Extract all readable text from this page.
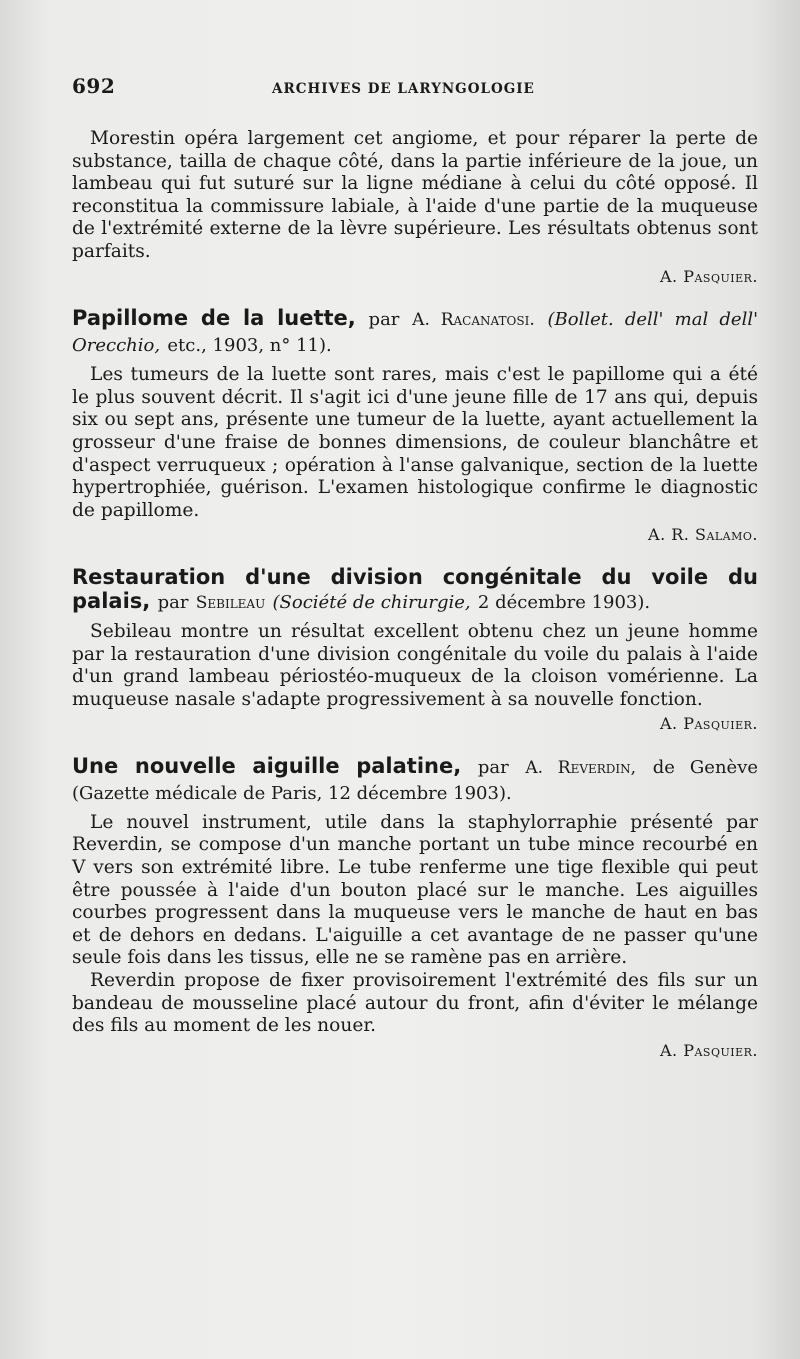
692	ARCHIVES DE LARYNGOLOGIE

Morestin opéra largement cet angiome, et pour réparer la perte de substance, tailla de chaque côté, dans la partie inférieure de la joue, un lambeau qui fut suturé sur la ligne médiane à celui du côté opposé. Il reconstitua la commissure labiale, à l'aide d'une partie de la muqueuse de l'extrémité externe de la lèvre supérieure. Les résultats obtenus sont parfaits.

A. Pasquier.
Papillome de la luette, par A. Racanatosi. (Bollet. dell' mal dell' Orecchio, etc., 1903, n° 11).

Les tumeurs de la luette sont rares, mais c'est le papillome qui a été le plus souvent décrit. Il s'agit ici d'une jeune fille de 17 ans qui, depuis six ou sept ans, présente une tumeur de la luette, ayant actuellement la grosseur d'une fraise de bonnes dimensions, de couleur blanchâtre et d'aspect verruqueux ; opération à l'anse galvanique, section de la luette hypertrophiée, guérison. L'examen histologique confirme le diagnostic de papillome.

A. R. Salamo.
Restauration d'une division congénitale du voile du palais, par Sebileau (Société de chirurgie, 2 décembre 1903).

Sebileau montre un résultat excellent obtenu chez un jeune homme par la restauration d'une division congénitale du voile du palais à l'aide d'un grand lambeau périostéo-muqueux de la cloison vomérienne. La muqueuse nasale s'adapte progressivement à sa nouvelle fonction.

A. Pasquier.
Une nouvelle aiguille palatine, par A. Reverdin, de Genève (Gazette médicale de Paris, 12 décembre 1903).

Le nouvel instrument, utile dans la staphylorraphie présenté par Reverdin, se compose d'un manche portant un tube mince recourbé en V vers son extrémité libre. Le tube renferme une tige flexible qui peut être poussée à l'aide d'un bouton placé sur le manche. Les aiguilles courbes progressent dans la muqueuse vers le manche de haut en bas et de dehors en dedans. L'aiguille a cet avantage de ne passer qu'une seule fois dans les tissus, elle ne se ramène pas en arrière.

Reverdin propose de fixer provisoirement l'extrémité des fils sur un bandeau de mousseline placé autour du front, afin d'éviter le mélange des fils au moment de les nouer.

A. Pasquier.
